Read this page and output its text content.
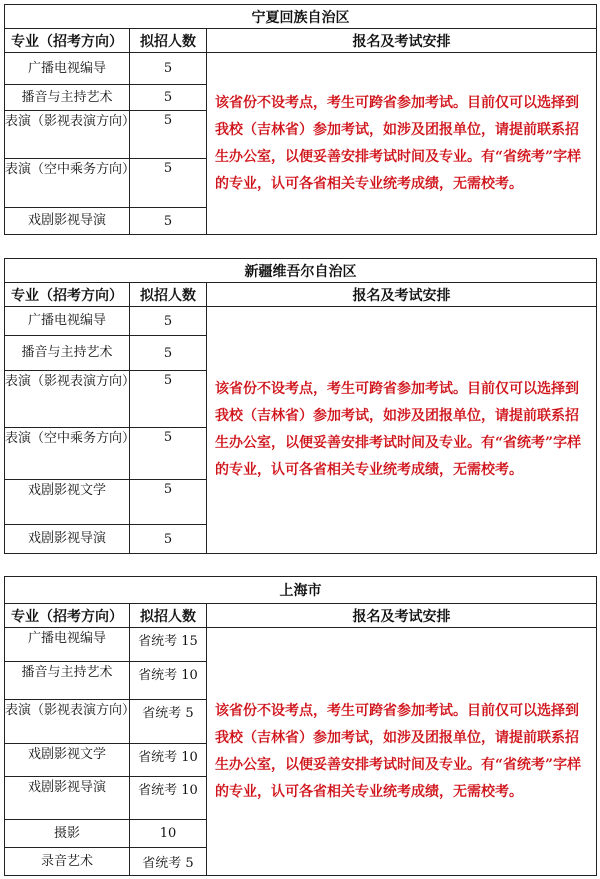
宁夏回族自治区		
专业（招考方向）	拟招人数	报名及考试安排
广播电视编导	5	该省份不设考点，考生可跨省参加考试。目前仅可以选择到我校（吉林省）参加考试，如涉及团报单位，请提前联系招生办公室，以便妥善安排考试时间及专业。有“省统考”字样的专业，认可各省相关专业统考成绩，无需校考。
播音与主持艺术	5	
表演（影视表演方向）	5	
表演（空中乘务方向）	5	
戏剧影视导演	5	
新疆维吾尔自治区		
专业（招考方向）	拟招人数	报名及考试安排
广播电视编导	5	该省份不设考点，考生可跨省参加考试。目前仅可以选择到我校（吉林省）参加考试，如涉及团报单位，请提前联系招生办公室，以便妥善安排考试时间及专业。有“省统考”字样的专业，认可各省相关专业统考成绩，无需校考。
播音与主持艺术	5	
表演（影视表演方向）	5	
表演（空中乘务方向）	5	
戏剧影视文学	5	
戏剧影视导演	5	
上海市		
专业（招考方向）	拟招人数	报名及考试安排
广播电视编导	省统考 15	该省份不设考点，考生可跨省参加考试。目前仅可以选择到我校（吉林省）参加考试，如涉及团报单位，请提前联系招生办公室，以便妥善安排考试时间及专业。有“省统考”字样的专业，认可各省相关专业统考成绩，无需校考。
播音与主持艺术	省统考 10	
表演（影视表演方向）	省统考 5	
戏剧影视文学	省统考 10	
戏剧影视导演	省统考 10	
摄影	10	
录音艺术	省统考 5	
